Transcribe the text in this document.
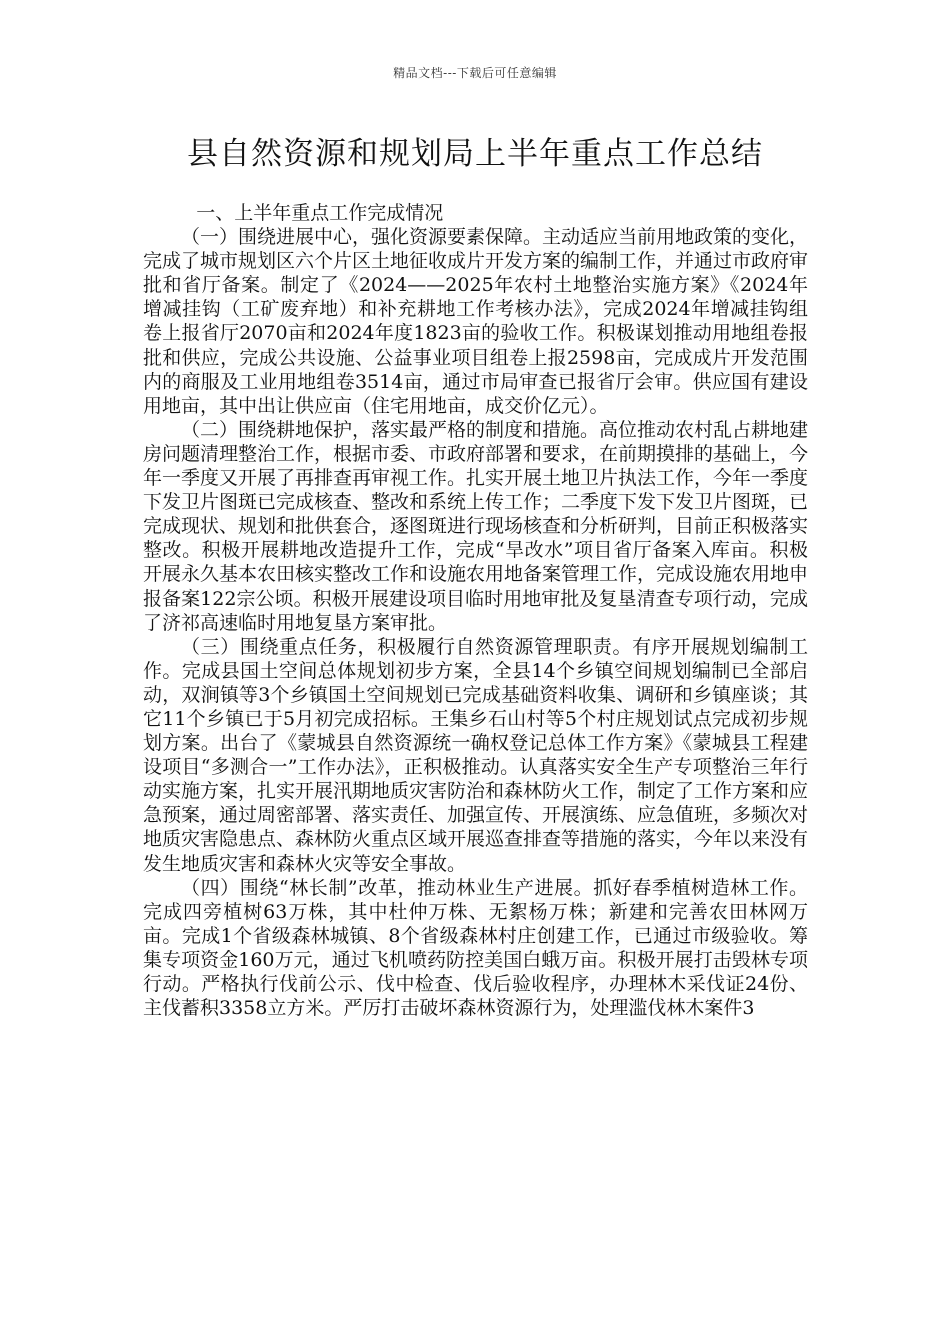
精品文档---下载后可任意编辑
县自然资源和规划局上半年重点工作总结

一、上半年重点工作完成情况

（一）围绕进展中心，强化资源要素保障。主动适应当前用地政策的变化，完成了城市规划区六个片区土地征收成片开发方案的编制工作，并通过市政府审批和省厅备案。制定了《2024——2025年农村土地整治实施方案》《2024年增减挂钩（工矿废弃地）和补充耕地工作考核办法》，完成2024年增减挂钩组卷上报省厅2070亩和2024年度1823亩的验收工作。积极谋划推动用地组卷报批和供应，完成公共设施、公益事业项目组卷上报2598亩，完成成片开发范围内的商服及工业用地组卷3514亩，通过市局审查已报省厅会审。供应国有建设用地亩，其中出让供应亩（住宅用地亩，成交价亿元）。

（二）围绕耕地保护，落实最严格的制度和措施。高位推动农村乱占耕地建房问题清理整治工作，根据市委、市政府部署和要求，在前期摸排的基础上，今年一季度又开展了再排查再审视工作。扎实开展土地卫片执法工作，今年一季度下发卫片图斑已完成核查、整改和系统上传工作；二季度下发下发卫片图斑，已完成现状、规划和批供套合，逐图斑进行现场核查和分析研判，目前正积极落实整改。积极开展耕地改造提升工作，完成“旱改水”项目省厅备案入库亩。积极开展永久基本农田核实整改工作和设施农用地备案管理工作，完成设施农用地申报备案122宗公顷。积极开展建设项目临时用地审批及复垦清查专项行动，完成了济祁高速临时用地复垦方案审批。

（三）围绕重点任务，积极履行自然资源管理职责。有序开展规划编制工作。完成县国土空间总体规划初步方案，全县14个乡镇空间规划编制已全部启动，双涧镇等3个乡镇国土空间规划已完成基础资料收集、调研和乡镇座谈；其它11个乡镇已于5月初完成招标。王集乡石山村等5个村庄规划试点完成初步规划方案。出台了《蒙城县自然资源统一确权登记总体工作方案》《蒙城县工程建设项目“多测合一”工作办法》，正积极推动。认真落实安全生产专项整治三年行动实施方案，扎实开展汛期地质灾害防治和森林防火工作，制定了工作方案和应急预案，通过周密部署、落实责任、加强宣传、开展演练、应急值班，多频次对地质灾害隐患点、森林防火重点区域开展巡查排查等措施的落实，今年以来没有发生地质灾害和森林火灾等安全事故。

（四）围绕“林长制”改革，推动林业生产进展。抓好春季植树造林工作。完成四旁植树63万株，其中杜仲万株、无絮杨万株；新建和完善农田林网万亩。完成1个省级森林城镇、8个省级森林村庄创建工作，已通过市级验收。筹集专项资金160万元，通过飞机喷药防控美国白蛾万亩。积极开展打击毁林专项行动。严格执行伐前公示、伐中检查、伐后验收程序，办理林木采伐证24份、主伐蓄积3358立方米。严厉打击破坏森林资源行为，处理滥伐林木案件3
